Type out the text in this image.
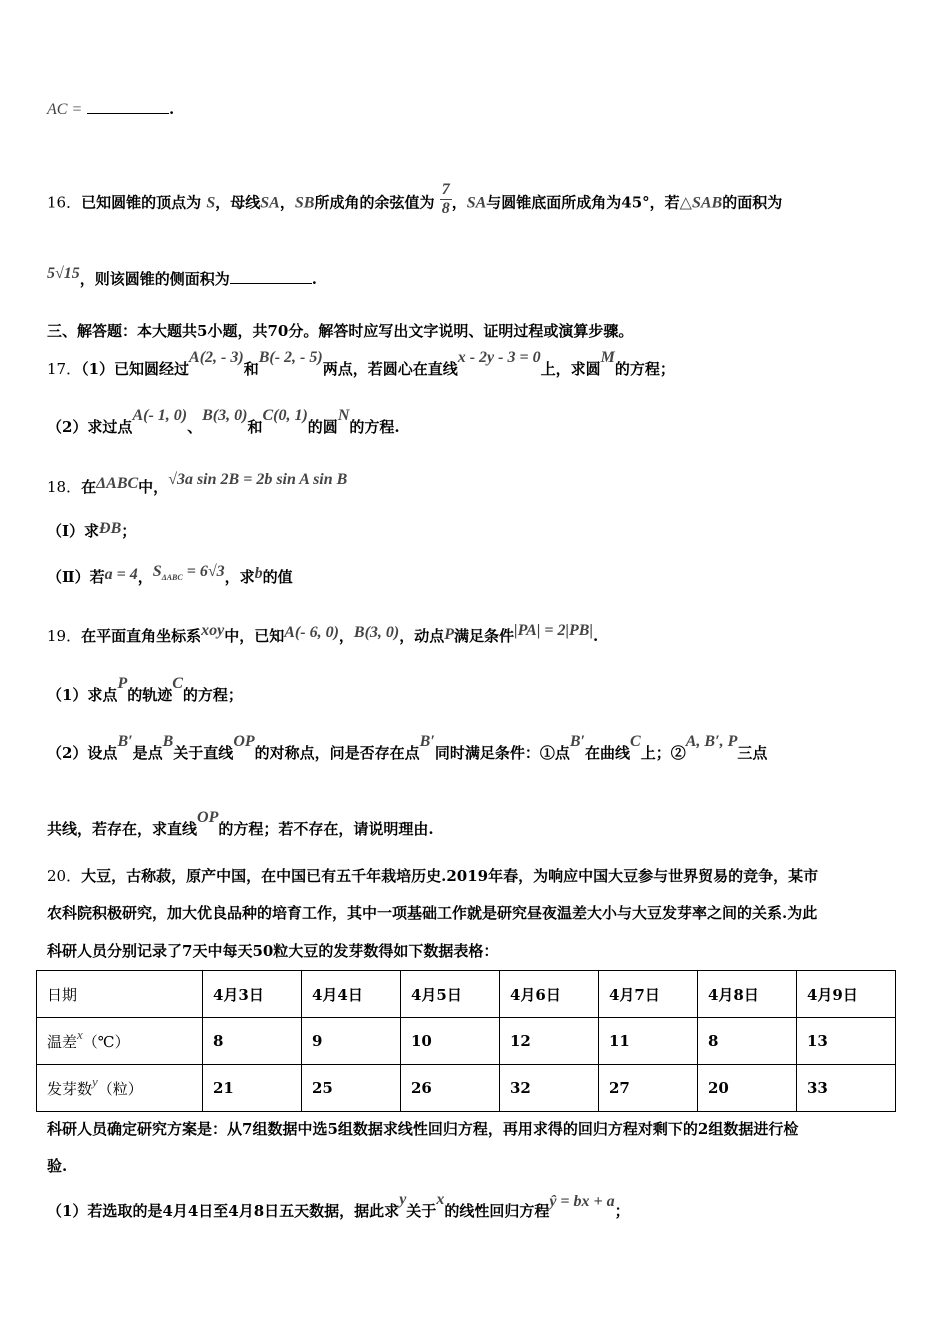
AC =	.
16．已知圆锥的顶点为 S，母线SA，SB所成角的余弦值为 $\frac{7}{8}$ ，SA与圆锥底面所成角为45°，若△SAB的面积为
5√15，则该圆锥的侧面积为	.
三、解答题：本大题共5小题，共70分。解答时应写出文字说明、证明过程或演算步骤。
17．（1）已知圆经过A(2, - 3)和B(- 2, - 5)两点，若圆心在直线x - 2y - 3 = 0上，求圆M的方程；
（2）求过点A(- 1, 0)、B(3, 0)和C(0, 1)的圆N的方程.
18．在ΔABC中，√3a sin 2B = 2b sin A sin B
（Ⅰ）求ÐB；
（Ⅱ）若a = 4，$S_{\Delta ABC} = 6√3$，求b的值
19．在平面直角坐标系xoy中，已知A(- 6, 0)，B(3, 0)，动点P满足条件|PA| = 2|PB|.
（1）求点P的轨迹C的方程；
（2）设点B′是点B关于直线OP的对称点，问是否存在点B′同时满足条件：①点B′在曲线C上；②A, B′, P三点
共线，若存在，求直线OP的方程；若不存在，请说明理由.
20．大豆，古称菽，原产中国，在中国已有五千年栽培历史.2019年春，为响应中国大豆参与世界贸易的竞争，某市
农科院积极研究，加大优良品种的培育工作，其中一项基础工作就是研究昼夜温差大小与大豆发芽率之间的关系.为此
科研人员分别记录了7天中每天50粒大豆的发芽数得如下数据表格：
日期	4月3日	4月4日	4月5日	4月6日	4月7日	4月8日	4月9日
温差x（℃）	8	9	10	12	11	8	13
发芽数y（粒）	21	25	26	32	27	20	33
科研人员确定研究方案是：从7组数据中选5组数据求线性回归方程，再用求得的回归方程对剩下的2组数据进行检
验.
（1）若选取的是4月4日至4月8日五天数据，据此求y关于x的线性回归方程ŷ = bx + a；
